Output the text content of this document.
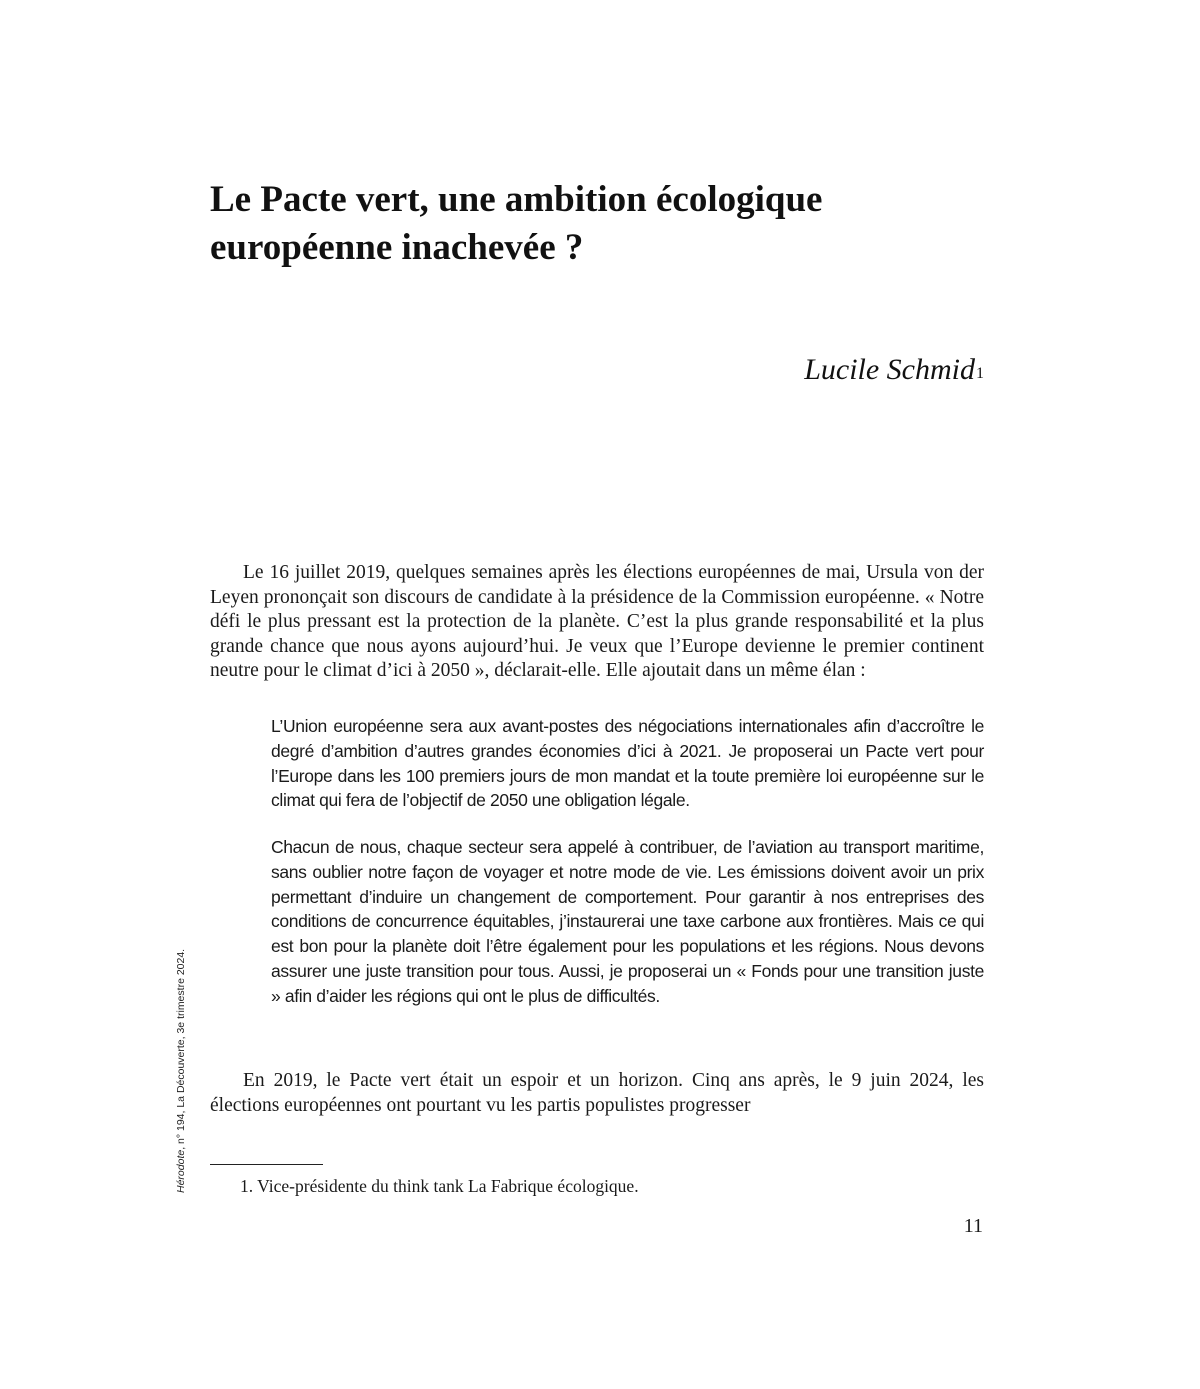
Le Pacte vert, une ambition écologique
européenne inachevée ?
Lucile Schmid$^1$

Le 16 juillet 2019, quelques semaines après les élections européennes de mai, Ursula von der Leyen prononçait son discours de candidate à la présidence de la Commission européenne. « Notre défi le plus pressant est la protection de la planète. C’est la plus grande responsabilité et la plus grande chance que nous ayons aujourd’hui. Je veux que l’Europe devienne le premier continent neutre pour le climat d’ici à 2050 », déclarait-elle. Elle ajoutait dans un même élan :

L’Union européenne sera aux avant-postes des négociations internationales afin d’accroître le degré d’ambition d’autres grandes économies d’ici à 2021. Je proposerai un Pacte vert pour l’Europe dans les 100 premiers jours de mon mandat et la toute première loi européenne sur le climat qui fera de l’objectif de 2050 une obligation légale.

Chacun de nous, chaque secteur sera appelé à contribuer, de l’aviation au transport maritime, sans oublier notre façon de voyager et notre mode de vie. Les émissions doivent avoir un prix permettant d’induire un changement de comportement. Pour garantir à nos entreprises des conditions de concurrence équitables, j’instaurerai une taxe carbone aux frontières. Mais ce qui est bon pour la planète doit l’être également pour les populations et les régions. Nous devons assurer une juste transition pour tous. Aussi, je proposerai un « Fonds pour une transition juste » afin d’aider les régions qui ont le plus de difficultés.

En 2019, le Pacte vert était un espoir et un horizon. Cinq ans après, le 9 juin 2024, les élections européennes ont pourtant vu les partis populistes progresser

1. Vice-présidente du think tank La Fabrique écologique.

11
Hérodote, n° 194, La Découverte, 3e trimestre 2024.
